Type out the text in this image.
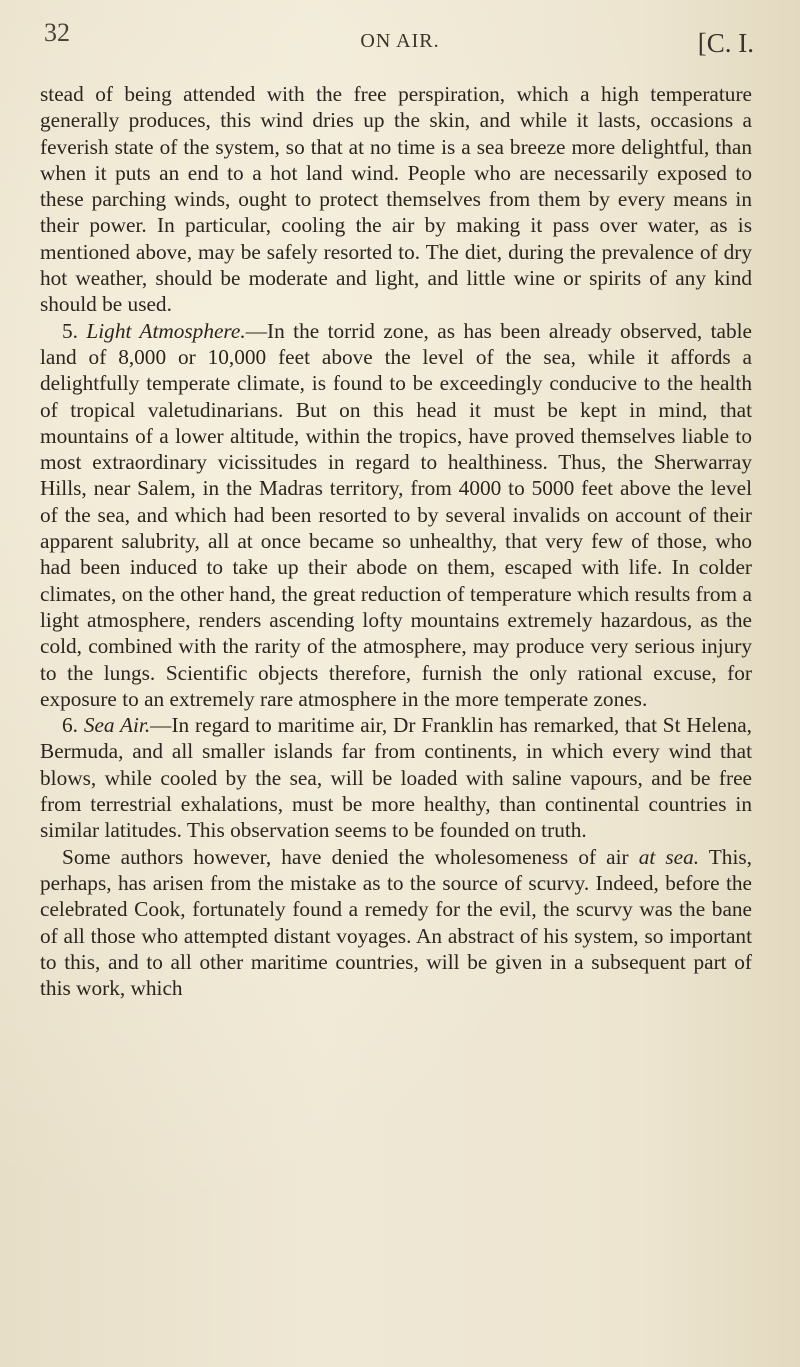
32	ON AIR.	[C. I.

stead of being attended with the free perspiration, which a high temperature generally produces, this wind dries up the skin, and while it lasts, occasions a feverish state of the system, so that at no time is a sea breeze more delightful, than when it puts an end to a hot land wind. People who are necessarily exposed to these parching winds, ought to protect themselves from them by every means in their power. In particular, cooling the air by making it pass over water, as is mentioned above, may be safely resorted to. The diet, during the prevalence of dry hot weather, should be moderate and light, and little wine or spirits of any kind should be used.

5. Light Atmosphere.—In the torrid zone, as has been already observed, table land of 8,000 or 10,000 feet above the level of the sea, while it affords a delightfully temperate climate, is found to be exceedingly conducive to the health of tropical valetudinarians. But on this head it must be kept in mind, that mountains of a lower altitude, within the tropics, have proved themselves liable to most extraordinary vicissitudes in regard to healthiness. Thus, the Sherwarray Hills, near Salem, in the Madras territory, from 4000 to 5000 feet above the level of the sea, and which had been resorted to by several invalids on account of their apparent salubrity, all at once became so unhealthy, that very few of those, who had been induced to take up their abode on them, escaped with life. In colder climates, on the other hand, the great reduction of temperature which results from a light atmosphere, renders ascending lofty mountains extremely hazardous, as the cold, combined with the rarity of the atmosphere, may produce very serious injury to the lungs. Scientific objects therefore, furnish the only rational excuse, for exposure to an extremely rare atmosphere in the more temperate zones.

6. Sea Air.—In regard to maritime air, Dr Franklin has remarked, that St Helena, Bermuda, and all smaller islands far from continents, in which every wind that blows, while cooled by the sea, will be loaded with saline vapours, and be free from terrestrial exhalations, must be more healthy, than continental countries in similar latitudes. This observation seems to be founded on truth.

Some authors however, have denied the wholesomeness of air at sea. This, perhaps, has arisen from the mistake as to the source of scurvy. Indeed, before the celebrated Cook, fortunately found a remedy for the evil, the scurvy was the bane of all those who attempted distant voyages. An abstract of his system, so important to this, and to all other maritime countries, will be given in a subsequent part of this work, which
